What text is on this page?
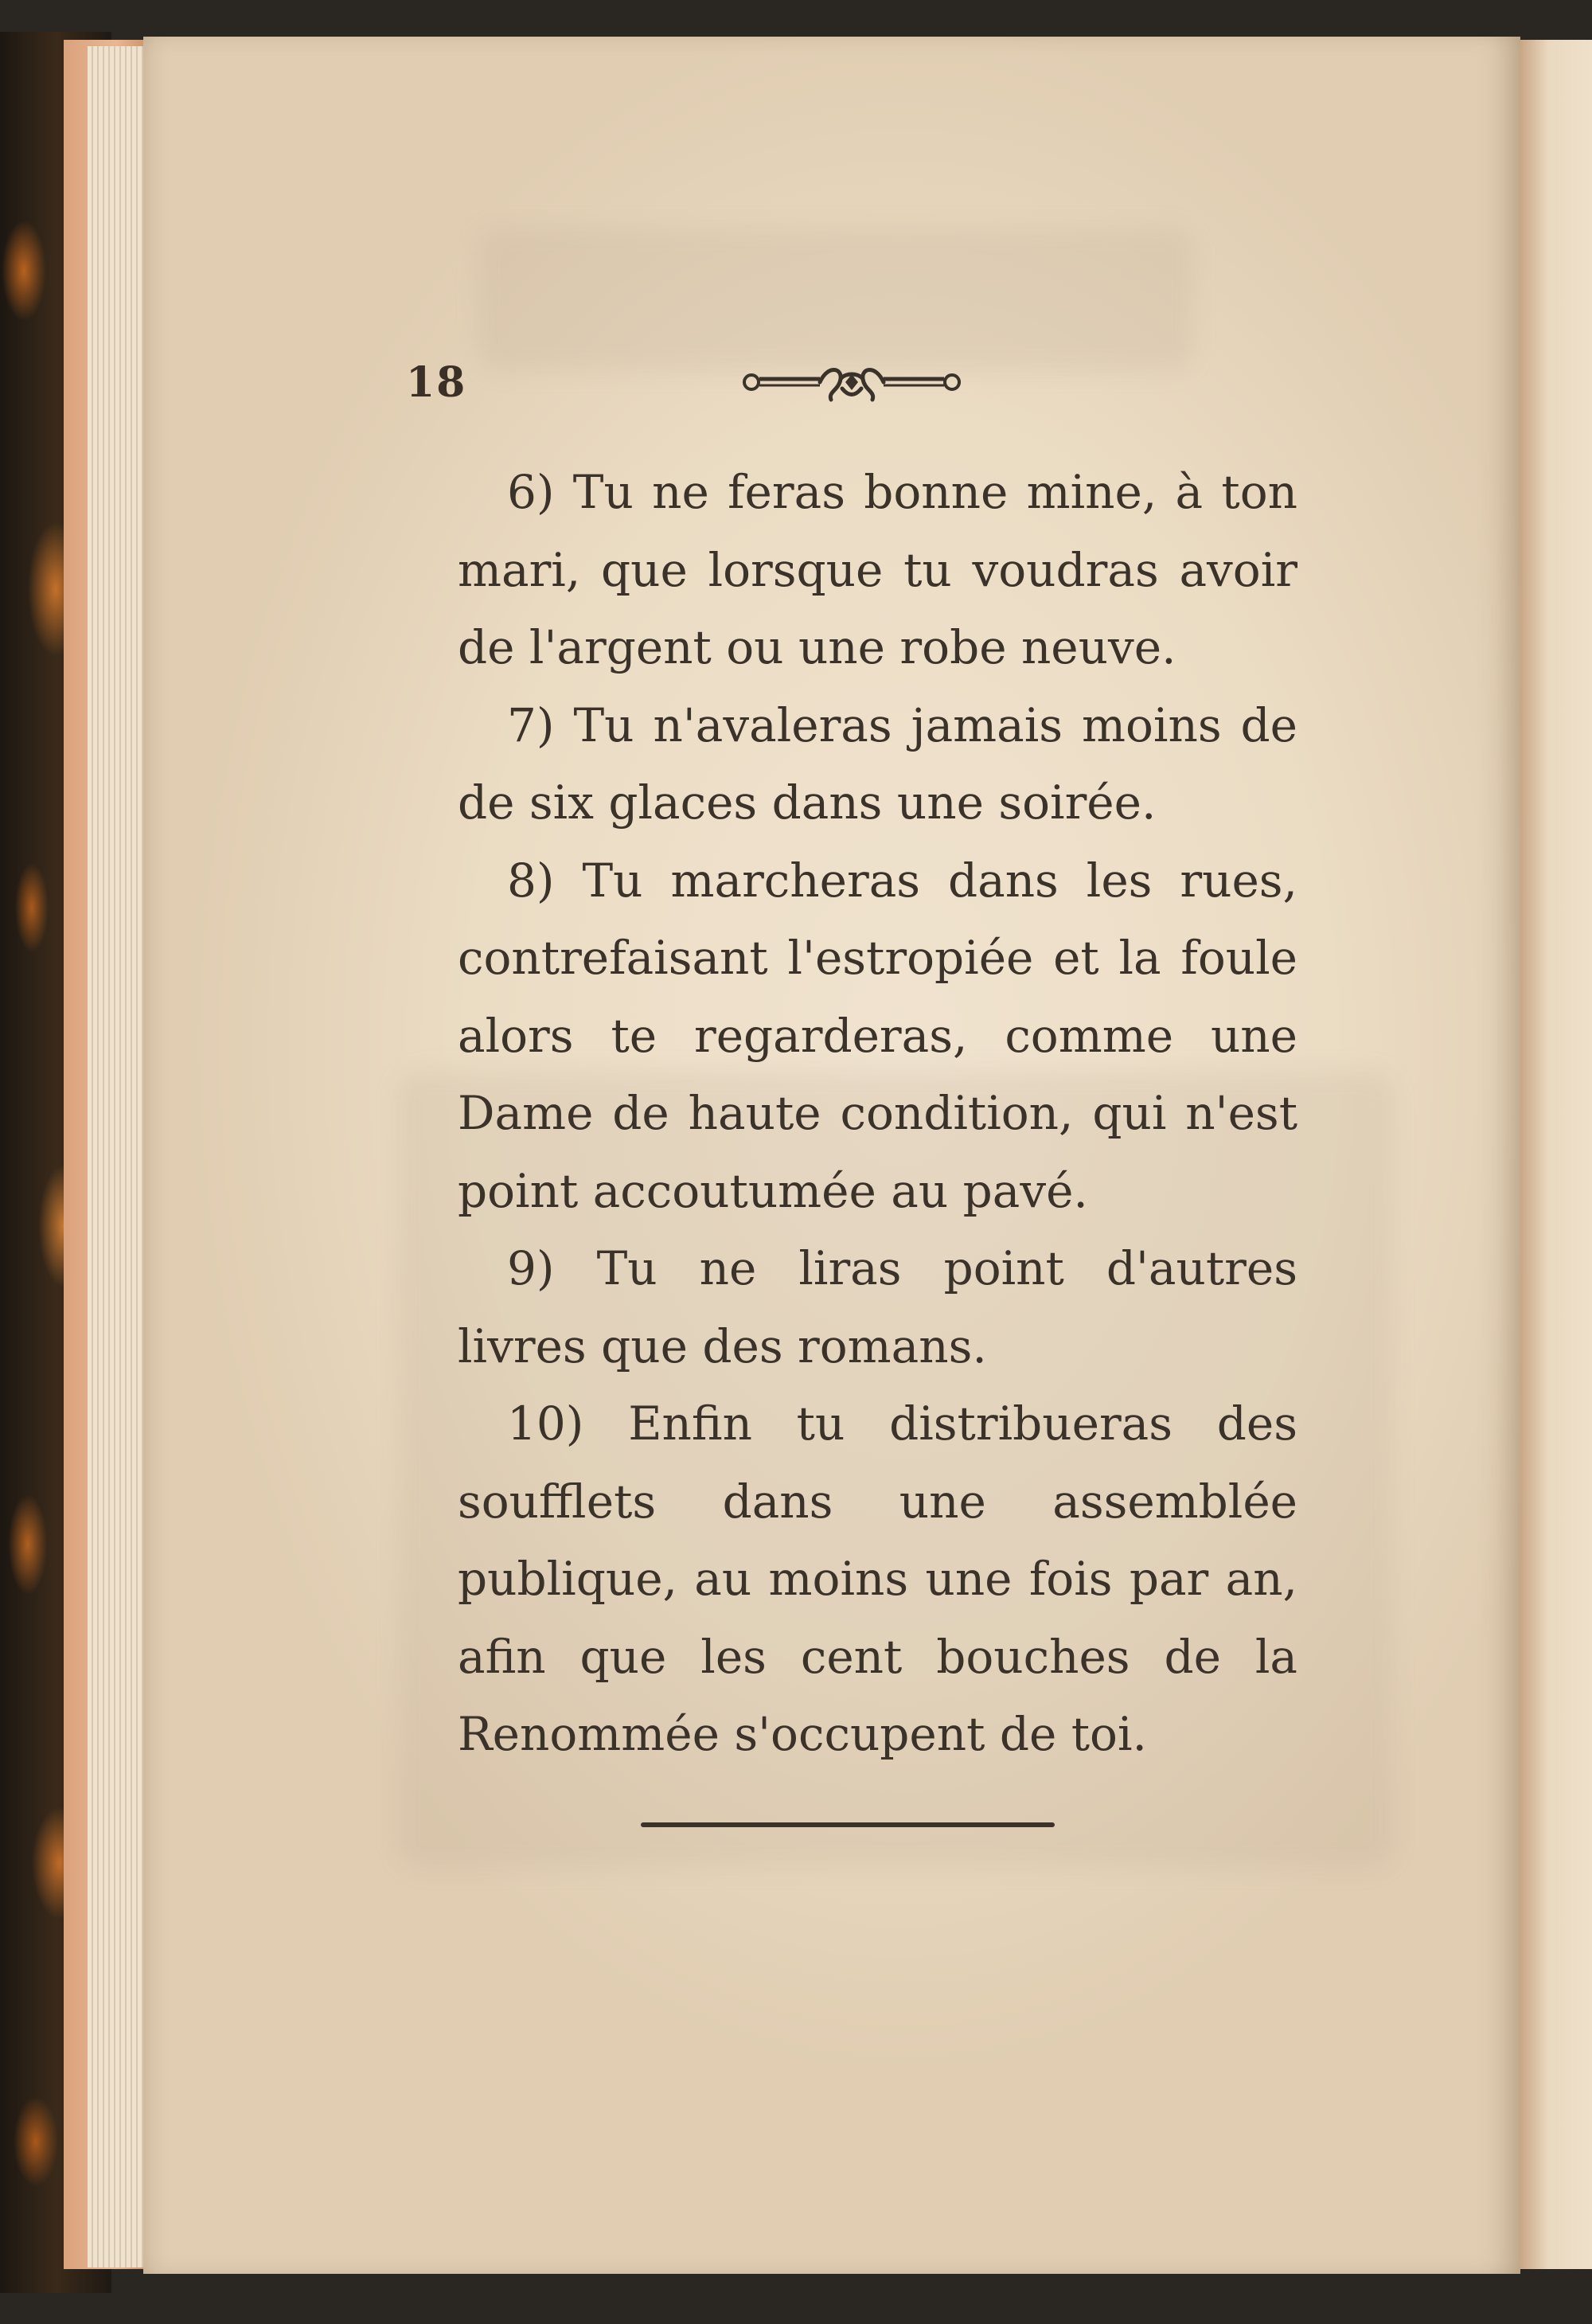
18

6) Tu ne feras bonne mine, à ton mari, que lorsque tu voudras avoir de l'argent ou une robe neuve.

7) Tu n'avaleras jamais moins de de six glaces dans une soirée.

8) Tu marcheras dans les rues, contrefaisant l'estropiée et la foule alors te regarderas, comme une Dame de haute condition, qui n'est point accoutumée au pavé.

9) Tu ne liras point d'autres livres que des romans.

10) Enfin tu distribueras des soufflets dans une assemblée publique, au moins une fois par an, afin que les cent bouches de la Renommée s'occupent de toi.
